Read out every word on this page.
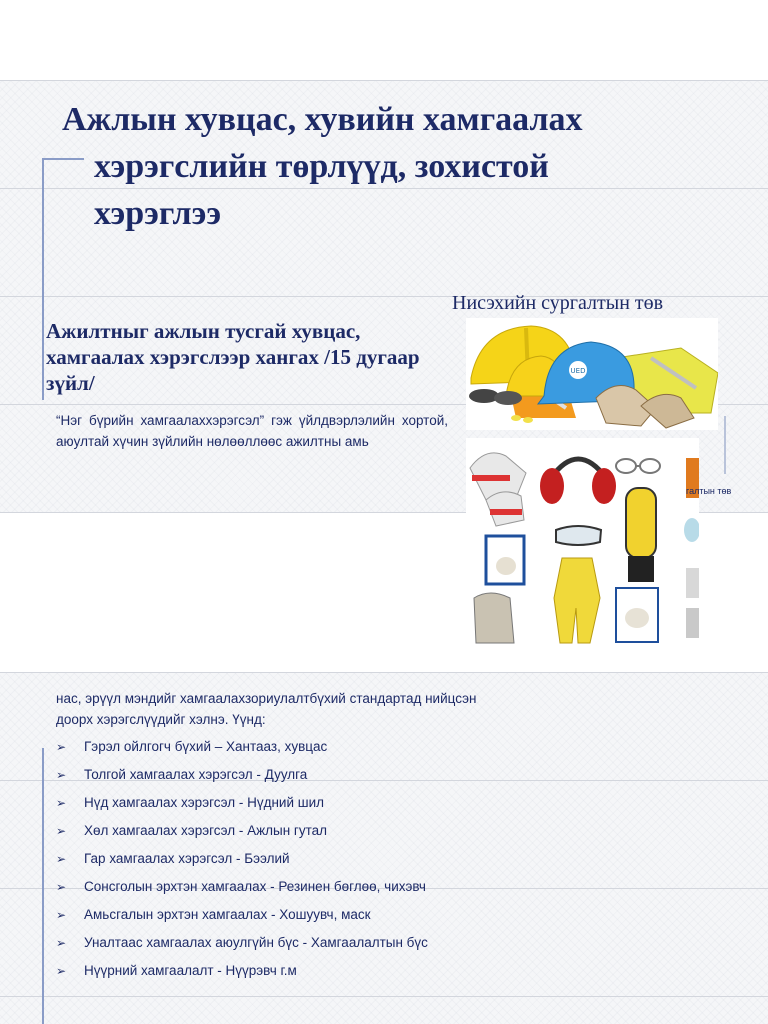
Ажлын хувцас, хувийн хамгаалах
хэрэгслийн төрлүүд, зохистой
хэрэглээ
Нисэхийн сургалтын төв
Ажилтныг ажлын тусгай хувцас, хамгаалах хэрэгслээр хангах /15 дугаар зүйл/
“Нэг бүрийн хамгаалаххэрэгсэл” гэж үйлдвэрлэлийн хортой, аюултай хүчин зүйлийн нөлөөллөөс ажилтны амь
UED
галтын төв
нас, эрүүл мэндийг хамгаалахзориулалтбүхий стандартад нийцсэн доорх хэрэгслүүдийг хэлнэ. Үүнд:
➢	Гэрэл ойлгогч бүхий – Хантааз, хувцас
➢	Толгой хамгаалах хэрэгсэл - Дуулга
➢	Нүд хамгаалах хэрэгсэл - Нүдний шил
➢	Хөл хамгаалах хэрэгсэл - Ажлын гутал
➢	Гар хамгаалах хэрэгсэл - Бээлий
➢	Сонсголын эрхтэн хамгаалах - Резинен бөглөө, чихэвч
➢	Амьсгалын эрхтэн хамгаалах - Хошуувч, маск
➢	Уналтаас хамгаалах аюулгүйн бүс - Хамгаалалтын бүс
➢	Нүүрний хамгаалалт - Нүүрэвч г.м
